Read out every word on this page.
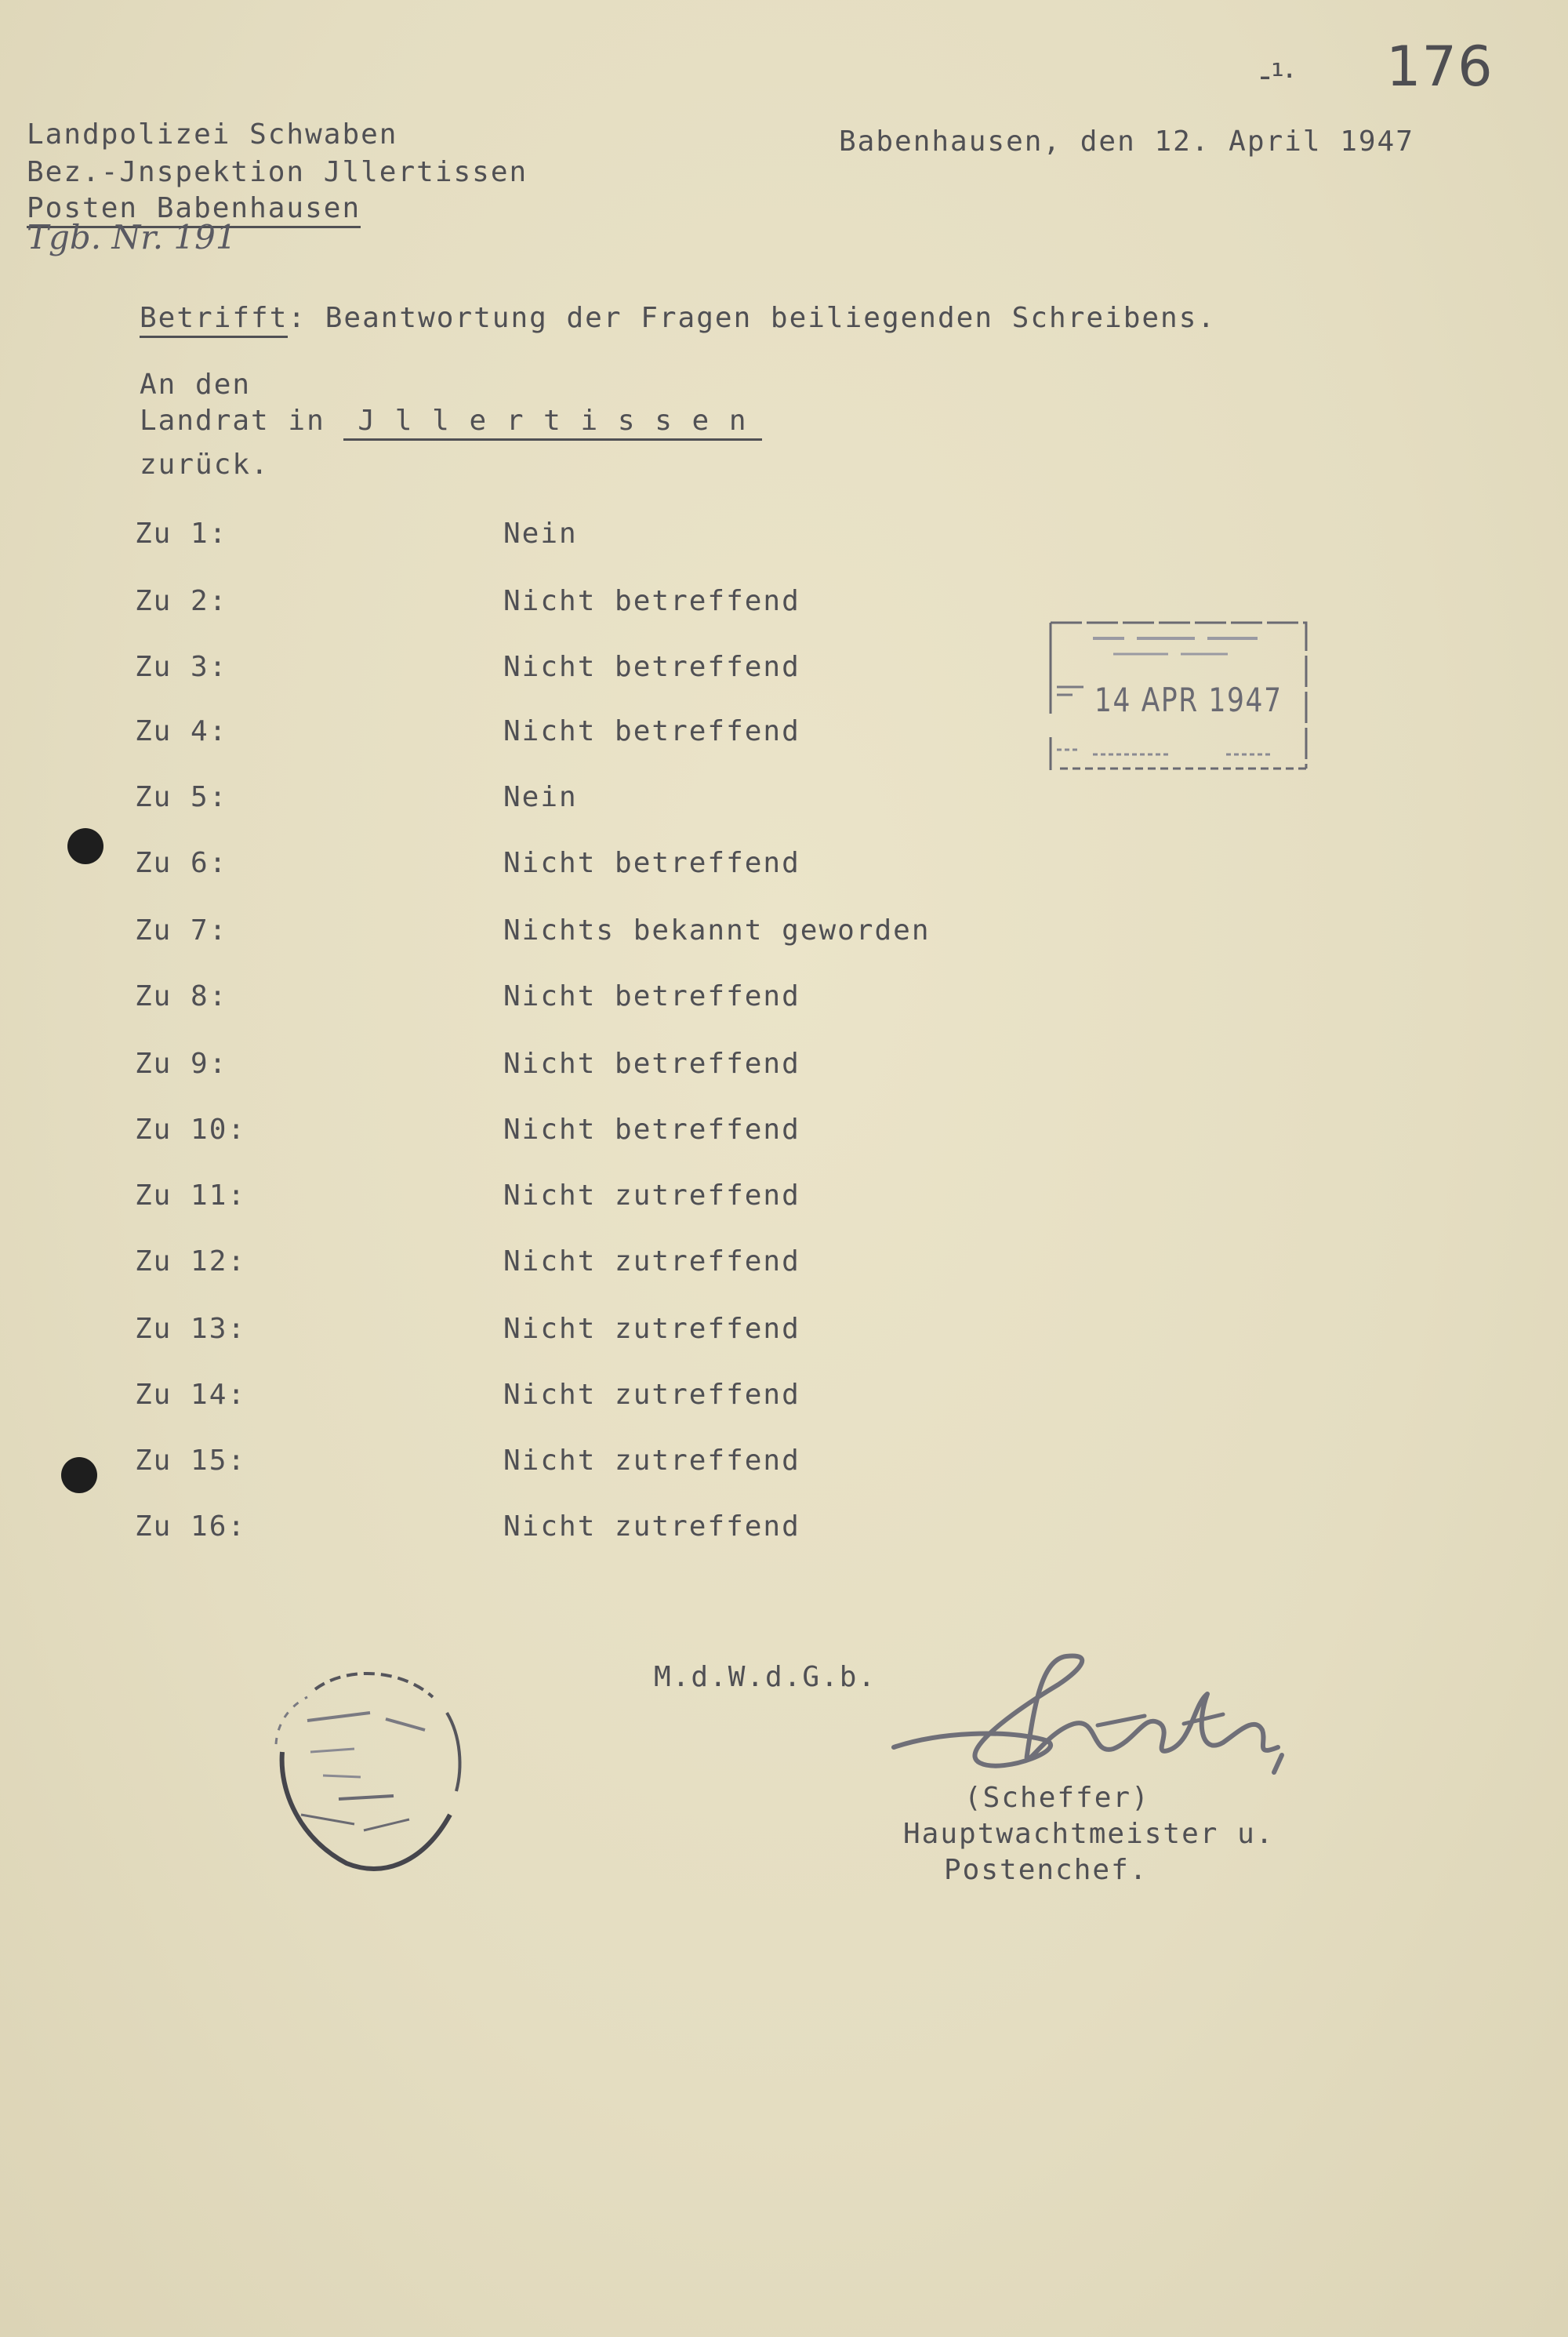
-¹· 176
Landpolizei Schwaben
Bez.-Jnspektion Jllertissen
Posten Babenhausen
Tgb. Nr. 191
Babenhausen, den 12. April 1947
Betrifft: Beantwortung der Fragen beiliegenden Schreibens.
An den
Landrat in J l l e r t i s s e n
zurück.
Zu 1:	Nein
Zu 2:	Nicht betreffend
Zu 3:	Nicht betreffend
Zu 4:	Nicht betreffend
Zu 5:	Nein
Zu 6:	Nicht betreffend
Zu 7:	Nichts bekannt geworden
Zu 8:	Nicht betreffend
Zu 9:	Nicht betreffend
Zu 10:	Nicht betreffend
Zu 11:	Nicht zutreffend
Zu 12:	Nicht zutreffend
Zu 13:	Nicht zutreffend
Zu 14:	Nicht zutreffend
Zu 15:	Nicht zutreffend
Zu 16:	Nicht zutreffend
14 APR 1947
M.d.W.d.G.b.
(Scheffer)
Hauptwachtmeister u.
Postenchef.
